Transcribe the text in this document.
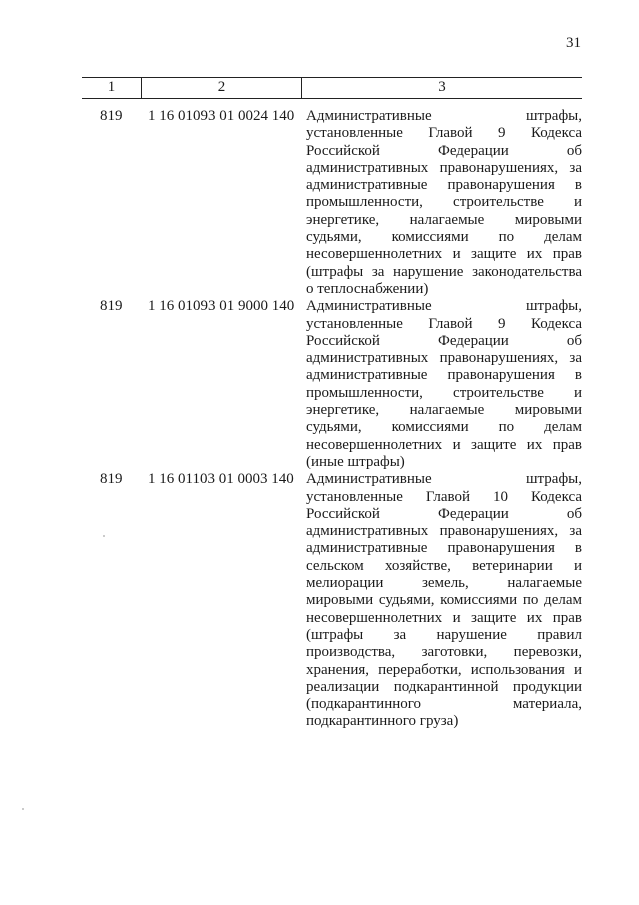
31
1	2	3
819	1 16 01093 01 0024 140 Административные штрафы,
установленные Главой 9 Кодекса
Российской Федерации об
административных правонарушениях, за
административные правонарушения в
промышленности, строительстве и
энергетике, налагаемые мировыми
судьями, комиссиями по делам
несовершеннолетних и защите их прав
(штрафы за нарушение законодательства
о теплоснабжении)
819	1 16 01093 01 9000 140 Административные штрафы,
установленные Главой 9 Кодекса
Российской Федерации об
административных правонарушениях, за
административные правонарушения в
промышленности, строительстве и
энергетике, налагаемые мировыми
судьями, комиссиями по делам
несовершеннолетних и защите их прав
(иные штрафы)
819	1 16 01103 01 0003 140 Административные штрафы,
установленные Главой 10 Кодекса
Российской Федерации об
административных правонарушениях, за
административные правонарушения в
сельском хозяйстве, ветеринарии и
мелиорации земель, налагаемые
мировыми судьями, комиссиями по делам
несовершеннолетних и защите их прав
(штрафы за нарушение правил
производства, заготовки, перевозки,
хранения, переработки, использования и
реализации подкарантинной продукции
(подкарантинного материала,
подкарантинного груза)
